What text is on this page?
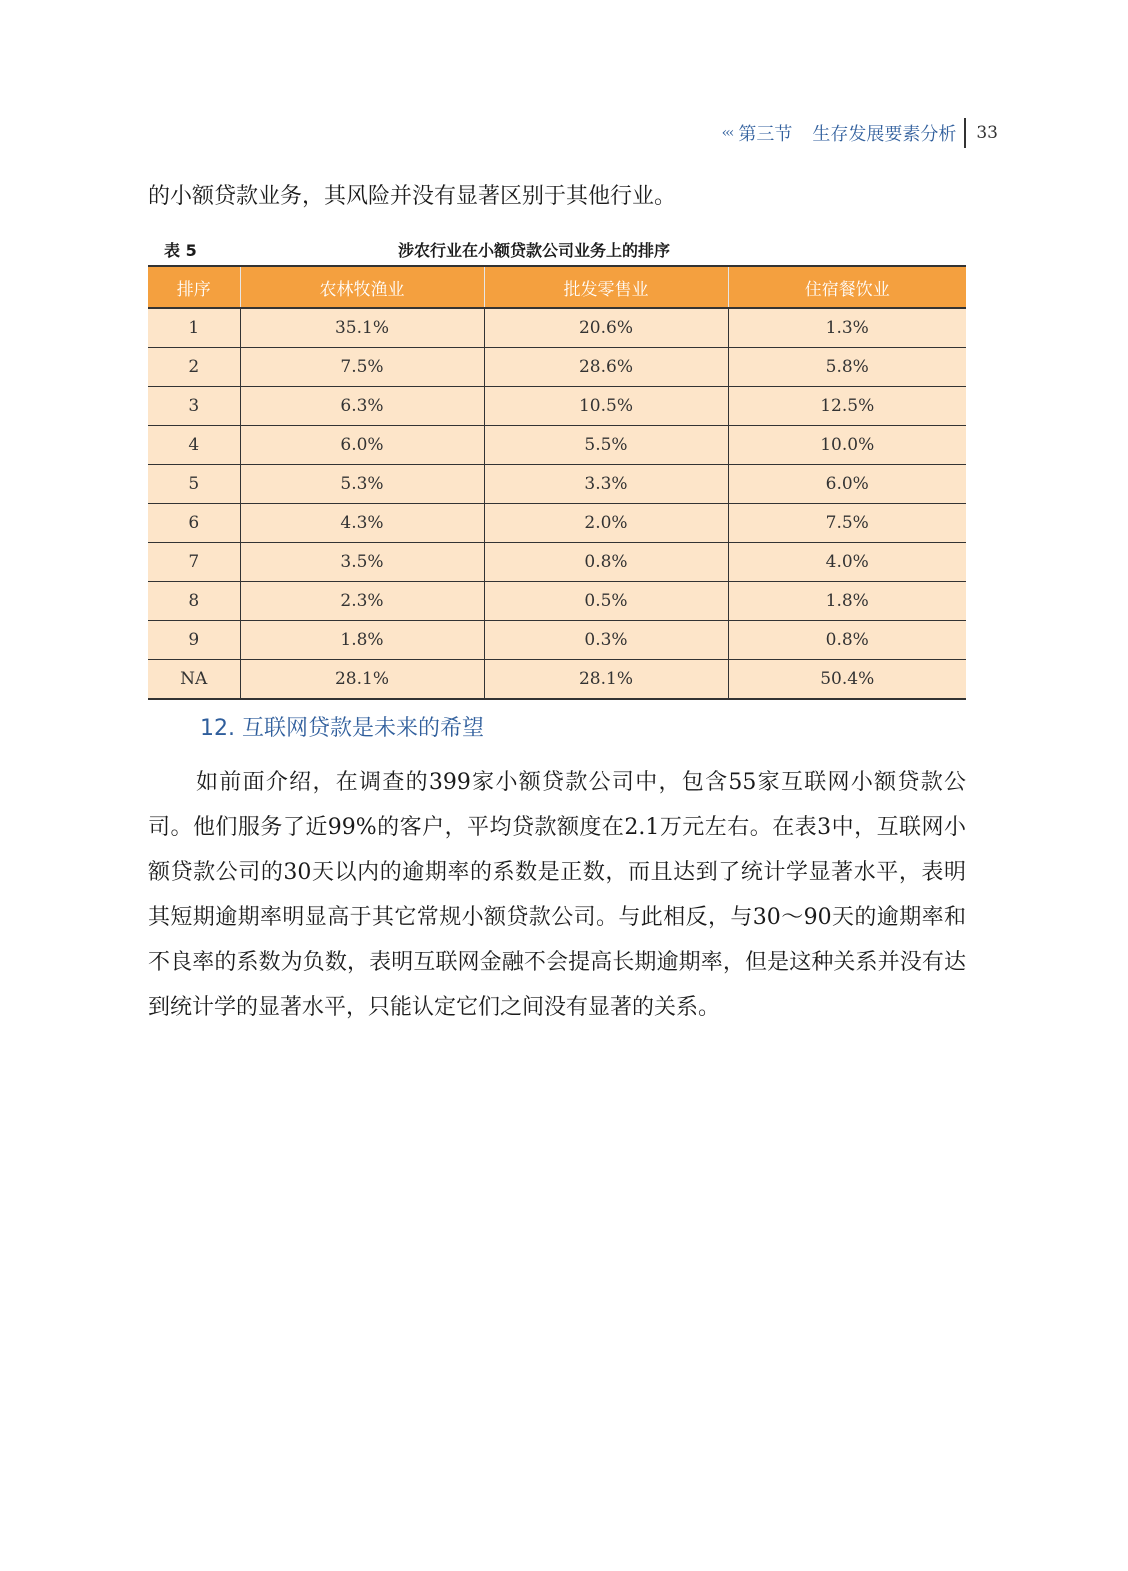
‹‹‹ 第三节 生存发展要素分析 33

的小额贷款业务，其风险并没有显著区别于其他行业。

表 5	涉农行业在小额贷款公司业务上的排序
排序	农林牧渔业	批发零售业	住宿餐饮业
1	35.1%	20.6%	1.3%
2	7.5%	28.6%	5.8%
3	6.3%	10.5%	12.5%
4	6.0%	5.5%	10.0%
5	5.3%	3.3%	6.0%
6	4.3%	2.0%	7.5%
7	3.5%	0.8%	4.0%
8	2.3%	0.5%	1.8%
9	1.8%	0.3%	0.8%
NA	28.1%	28.1%	50.4%
12. 互联网贷款是未来的希望

如前面介绍，在调查的399家小额贷款公司中，包含55家互联网小额贷款公司。他们服务了近99%的客户，平均贷款额度在2.1万元左右。在表3中，互联网小额贷款公司的30天以内的逾期率的系数是正数，而且达到了统计学显著水平，表明其短期逾期率明显高于其它常规小额贷款公司。与此相反，与30～90天的逾期率和不良率的系数为负数，表明互联网金融不会提高长期逾期率，但是这种关系并没有达到统计学的显著水平，只能认定它们之间没有显著的关系。
